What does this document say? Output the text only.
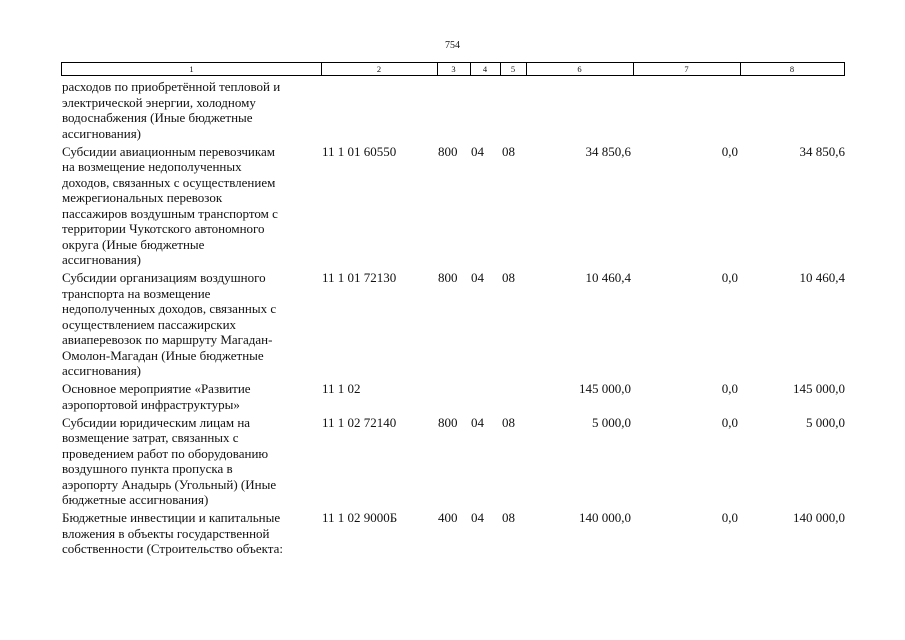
754
1	2	3	4	5	6	7	8
расходов по приобретённой тепловой и
электрической энергии, холодному
водоснабжения (Иные бюджетные
ассигнования)
Субсидии авиационным перевозчикам
на возмещение недополученных
доходов, связанных с осуществлением
межрегиональных перевозок
пассажиров воздушным транспортом с
территории Чукотского автономного
округа (Иные бюджетные
ассигнования)
11 1 01 60550	800 04 08	34 850,6	0,0	34 850,6
Субсидии организациям воздушного
транспорта на возмещение
недополученных доходов, связанных с
осуществлением пассажирских
авиаперевозок по маршруту Магадан-
Омолон-Магадан (Иные бюджетные
ассигнования)
11 1 01 72130	800 04 08	10 460,4	0,0	10 460,4
Основное мероприятие «Развитие
аэропортовой инфраструктуры»
11 1 02	145 000,0	0,0	145 000,0
Субсидии юридическим лицам на
возмещение затрат, связанных с
проведением работ по оборудованию
воздушного пункта пропуска в
аэропорту Анадырь (Угольный) (Иные
бюджетные ассигнования)
11 1 02 72140	800 04 08	5 000,0	0,0	5 000,0
Бюджетные инвестиции и капитальные
вложения в объекты государственной
собственности (Строительство объекта:
11 1 02 9000Б	400 04 08	140 000,0	0,0	140 000,0
